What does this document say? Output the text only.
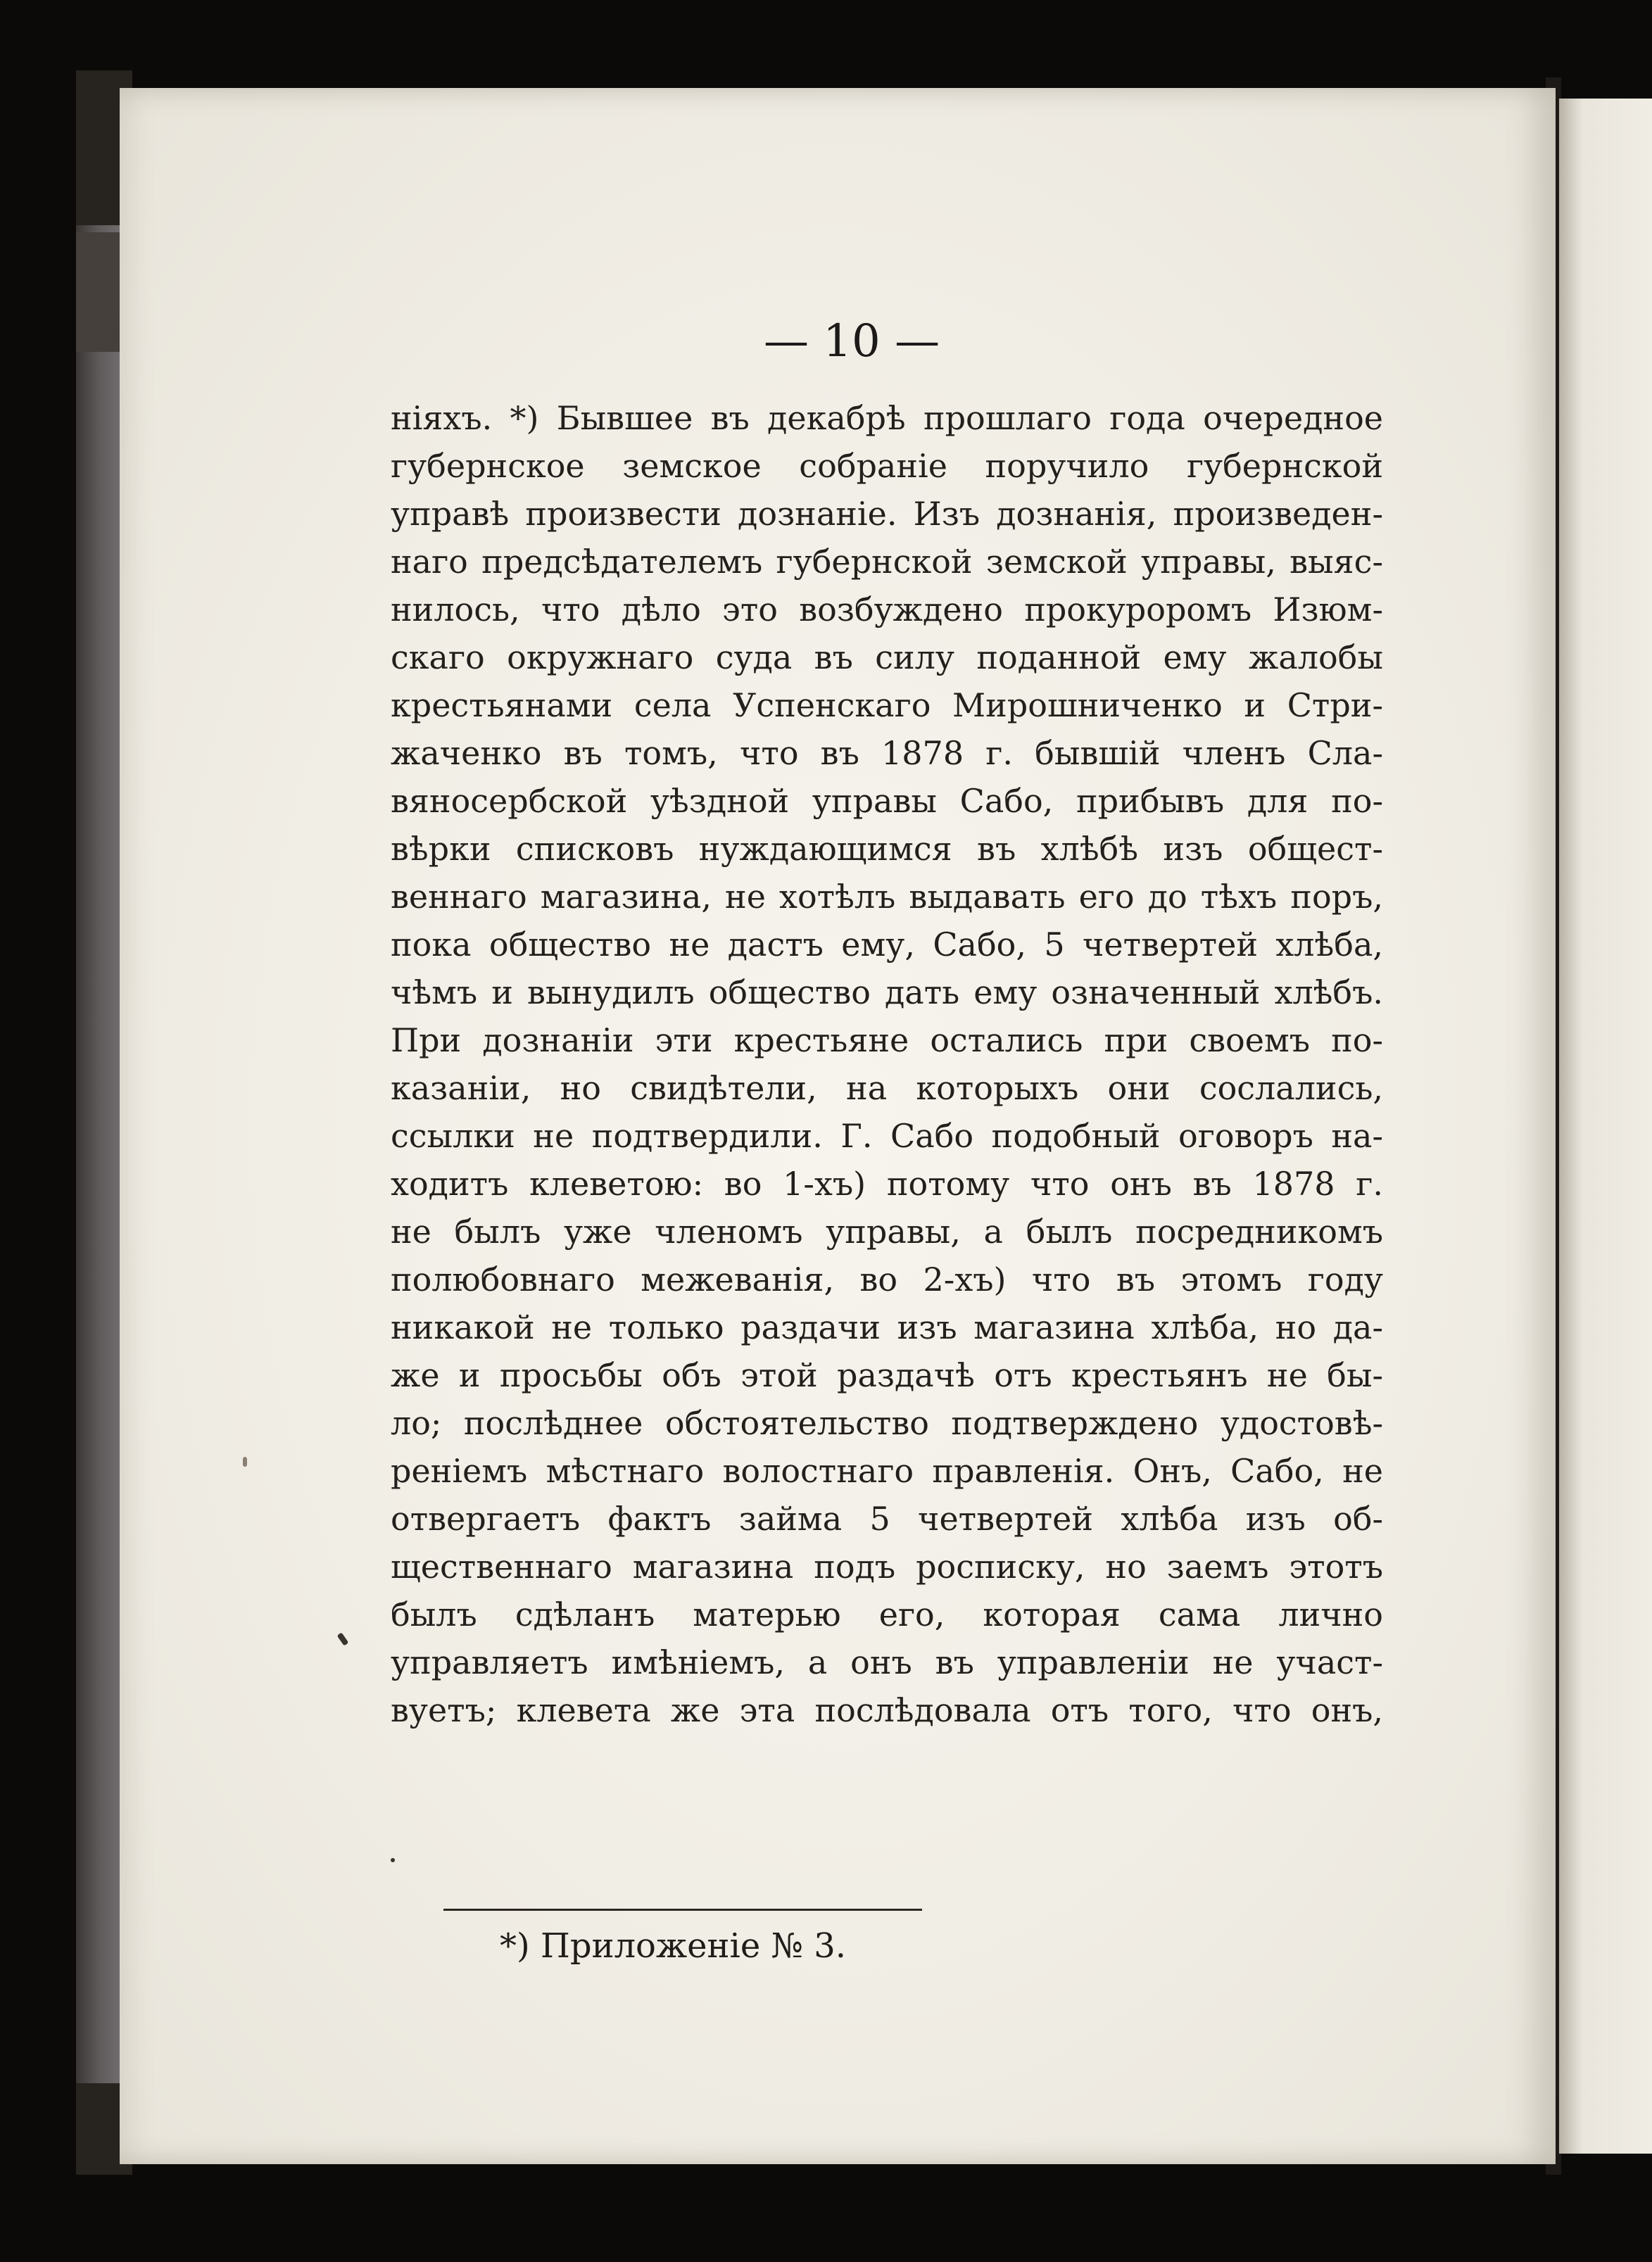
— 10 —
ніяхъ. *) Бывшее въ декабрѣ прошлаго года очередное
губернское земское собраніе поручило губернской
управѣ произвести дознаніе. Изъ дознанія, произведен-
наго предсѣдателемъ губернской земской управы, выяс-
нилось, что дѣло это возбуждено прокуроромъ Изюм-
скаго окружнаго суда въ силу поданной ему жалобы
крестьянами села Успенскаго Мирошниченко и Стри-
жаченко въ томъ, что въ 1878 г. бывшій членъ Сла-
вяносербской уѣздной управы Сабо, прибывъ для по-
вѣрки списковъ нуждающимся въ хлѣбѣ изъ общест-
веннаго магазина, не хотѣлъ выдавать его до тѣхъ поръ,
пока общество не дастъ ему, Сабо, 5 четвертей хлѣба,
чѣмъ и вынудилъ общество дать ему означенный хлѣбъ.
При дознаніи эти крестьяне остались при своемъ по-
казаніи, но свидѣтели, на которыхъ они сослались,
ссылки не подтвердили. Г. Сабо подобный оговоръ на-
ходитъ клеветою: во 1-хъ) потому что онъ въ 1878 г.
не былъ уже членомъ управы, а былъ посредникомъ
полюбовнаго межеванія, во 2-хъ) что въ этомъ году
никакой не только раздачи изъ магазина хлѣба, но да-
же и просьбы объ этой раздачѣ отъ крестьянъ не бы-
ло; послѣднее обстоятельство подтверждено удостовѣ-
реніемъ мѣстнаго волостнаго правленія. Онъ, Сабо, не
отвергаетъ фактъ займа 5 четвертей хлѣба изъ об-
щественнаго магазина подъ росписку, но заемъ этотъ
былъ сдѣланъ матерью его, которая сама лично
управляетъ имѣніемъ, а онъ въ управленіи не участ-
вуетъ; клевета же эта послѣдовала отъ того, что онъ,
*) Приложеніе № 3.
